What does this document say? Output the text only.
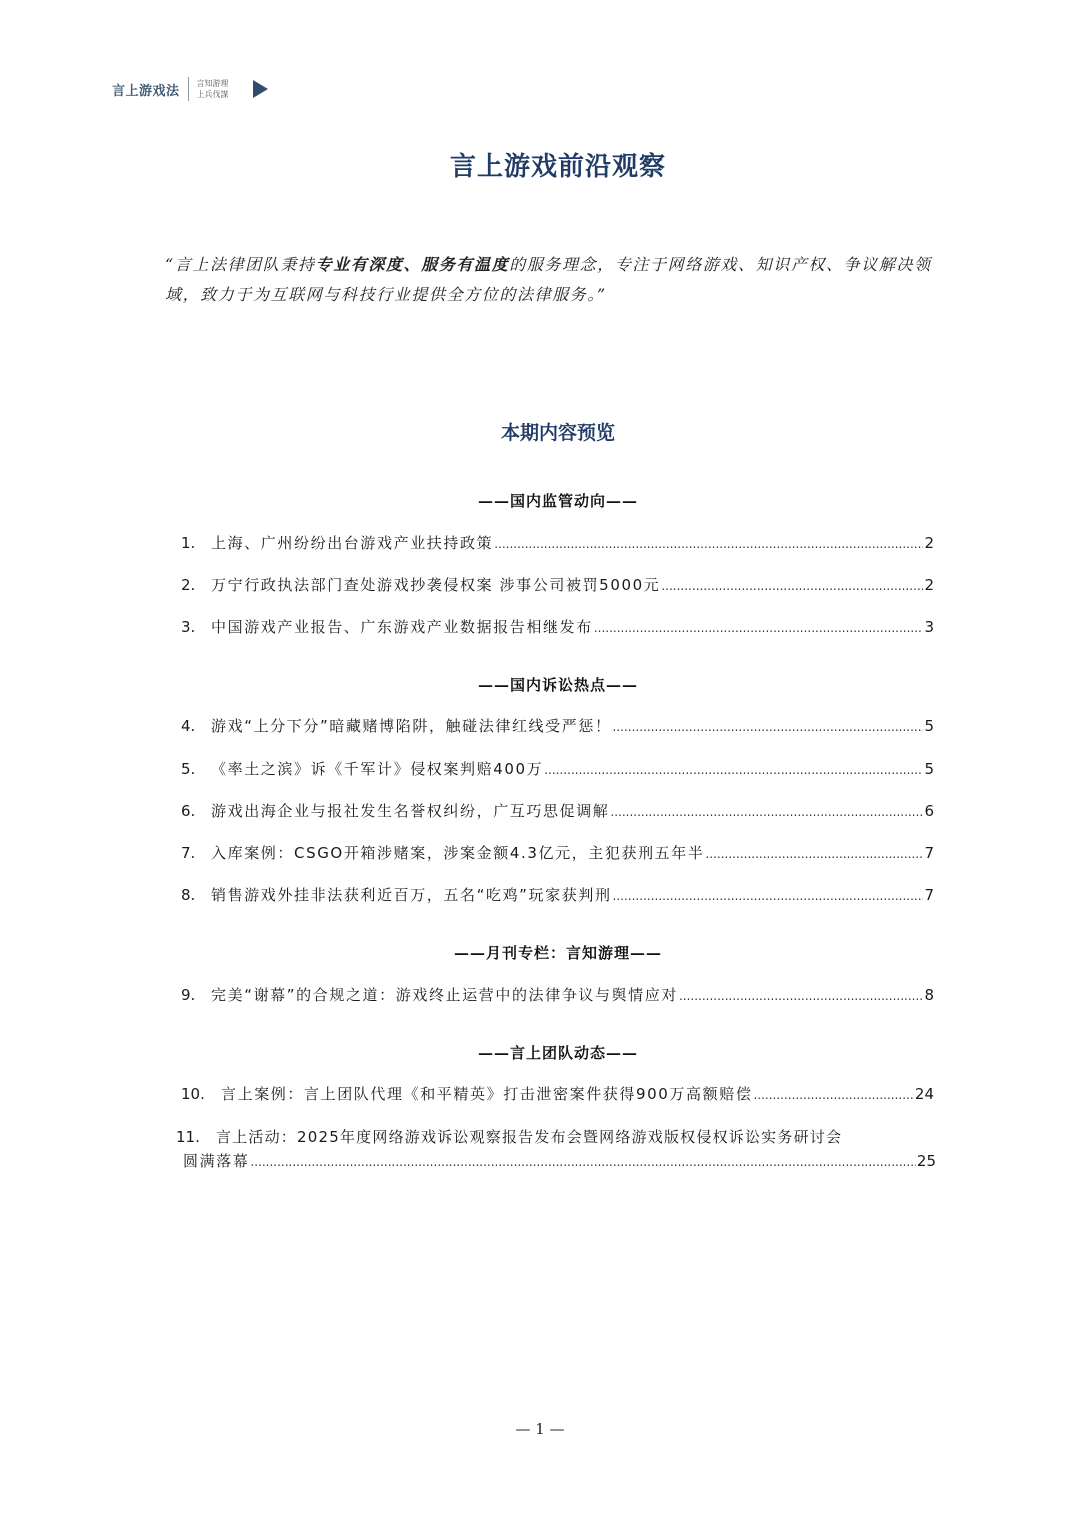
言上游戏法 言知游理
上兵伐謀
言上游戏前沿观察

“言上法律团队秉持专业有深度、服务有温度的服务理念，专注于网络游戏、知识产权、争议解决领域，致力于为互联网与科技行业提供全方位的法律服务。”

本期内容预览
——国内监管动向——
1.	上海、广州纷纷出台游戏产业扶持政策 .....	2
2.	万宁行政执法部门查处游戏抄袭侵权案 涉事公司被罚5000元 .....	2
3.	中国游戏产业报告、广东游戏产业数据报告相继发布 .....	3
——国内诉讼热点——
4.	游戏“上分下分”暗藏赌博陷阱，触碰法律红线受严惩！ .....	5
5.	《率土之滨》诉《千军计》侵权案判赔400万 .....	5
6.	游戏出海企业与报社发生名誉权纠纷，广互巧思促调解 .....	6
7.	入库案例：CSGO开箱涉赌案，涉案金额4.3亿元，主犯获刑五年半 .....	7
8.	销售游戏外挂非法获利近百万，五名“吃鸡”玩家获判刑 .....	7
——月刊专栏：言知游理——
9.	完美“谢幕”的合规之道：游戏终止运营中的法律争议与舆情应对 .....	8
——言上团队动态——
10.	言上案例：言上团队代理《和平精英》打击泄密案件获得900万高额赔偿 .....	24
11.	言上活动：2025年度网络游戏诉讼观察报告发布会暨网络游戏版权侵权诉讼实务研讨会
圆满落幕 .....	25
— 1 —
